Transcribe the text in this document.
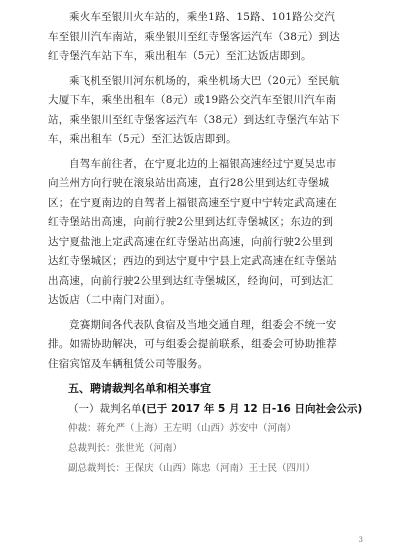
乘火车至银川火车站的，乘坐1路、15路、101路公交汽
车至银川汽车南站，乘坐银川至红寺堡客运汽车（38元）到达
红寺堡汽车站下车，乘出租车（5元）至汇达饭店即到。
乘飞机至银川河东机场的，乘坐机场大巴（20元）至民航
大厦下车，乘坐出租车（8元）或19路公交汽车至银川汽车南
站，乘坐银川至红寺堡客运汽车（38元）到达红寺堡汽车站下
车，乘出租车（5元）至汇达饭店即到。
自驾车前往者，在宁夏北边的上福银高速经过宁夏吴忠市
向兰州方向行驶在滚泉站出高速，直行28公里到达红寺堡城
区；在宁夏南边的自驾者上福银高速至宁夏中宁转定武高速在
红寺堡站出高速，向前行驶2公里到达红寺堡城区；东边的到
达宁夏盐池上定武高速在红寺堡站出高速，向前行驶2公里到
达红寺堡城区；西边的到达宁夏中宁县上定武高速在红寺堡站
出高速，向前行驶2公里到达红寺堡城区，经询问，可到达汇
达饭店（二中南门对面）。
竞赛期间各代表队食宿及当地交通自理，组委会不统一安
排。如需协助解决，可与组委会提前联系，组委会可协助推荐
住宿宾馆及车辆租赁公司等服务。
五、聘请裁判名单和相关事宜
（一）裁判名单(已于 2017 年 5 月 12 日-16 日向社会公示)
仲裁：蒋允严（上海）王左明（山西）苏安中（河南）
总裁判长：张世光（河南）
副总裁判长：王保庆（山西）陈忠（河南）王士民（四川）
3
